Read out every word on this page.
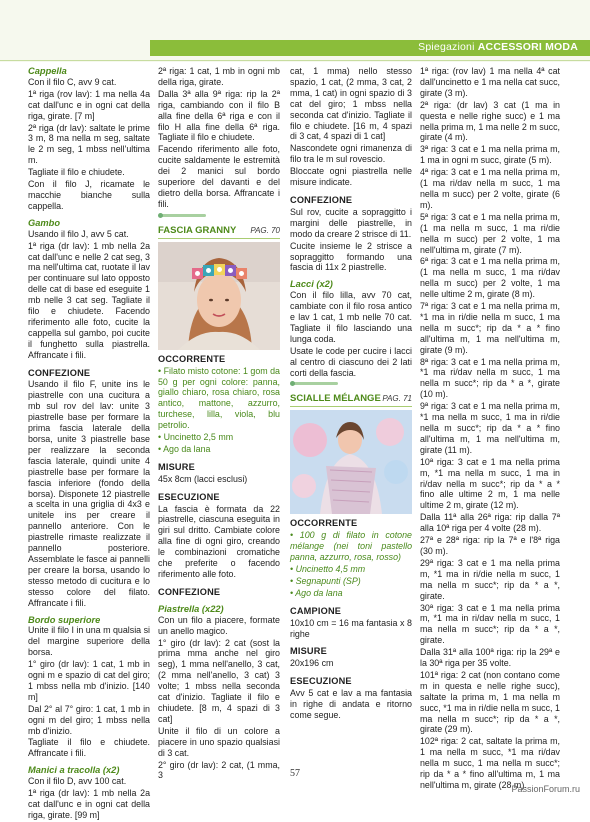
Spiegazioni ACCESSORI MODA
Cappella

Con il filo C, avv 9 cat.

1ª riga (rov lav): 1 ma nella 4a cat dall'unc e in ogni cat della riga, girate. [7 m]

2ª riga (dr lav): saltate le prime 3 m, 8 ma nella m seg, saltate le 2 m seg, 1 mbss nell'ultima m.

Tagliate il filo e chiudete.

Con il filo J, ricamate le macchie bianche sulla cappella.

Gambo

Usando il filo J, avv 5 cat.

1ª riga (dr lav): 1 mb nella 2a cat dall'unc e nelle 2 cat seg, 3 ma nell'ultima cat, ruotate il lav per continuare sul lato opposto delle cat di base ed eseguite 1 mb nelle 3 cat seg. Tagliate il filo e chiudete. Facendo riferimento alle foto, cucite la cappella sul gambo, poi cucite il funghetto sulla piastrella. Affrancate i fili.

CONFEZIONE

Usando il filo F, unite ins le piastrelle con una cucitura a mb sul rov del lav: unite 3 piastrelle base per formare la prima fascia laterale della borsa, unite 3 piastrelle base per realizzare la seconda fascia laterale, quindi unite 4 piastrelle base per formare la fascia inferiore (fondo della borsa). Disponete 12 piastrelle a scelta in una griglia di 4x3 e unitele ins per creare il pannello anteriore. Con le piastrelle rimaste realizzate il pannello posteriore. Assemblate le fasce ai pannelli per creare la borsa, usando lo stesso metodo di cucitura e lo stesso colore del filato. Affrancate i fili.

Bordo superiore

Unite il filo I in una m qualsia si del margine superiore della borsa.

1° giro (dr lav): 1 cat, 1 mb in ogni m e spazio di cat del giro; 1 mbss nella mb d'inizio. [140 m]

Dal 2° al 7° giro: 1 cat, 1 mb in ogni m del giro; 1 mbss nella mb d'inizio.

Tagliate il filo e chiudete. Affrancate i fili.

Manici a tracolla (x2)

Con il filo D, avv 100 cat.

1ª riga (dr lav): 1 mb nella 2a cat dall'unc e in ogni cat della riga, girate. [99 m]

2ª riga: 1 cat, 1 mb in ogni mb della riga, girate.

Dalla 3ª alla 9ª riga: rip la 2ª riga, cambiando con il filo B alla fine della 6ª riga e con il filo H alla fine della 6ª riga. Tagliate il filo e chiudete.

Facendo riferimento alle foto, cucite saldamente le estremità dei 2 manici sul bordo superiore del davanti e del dietro della borsa. Affrancate i fili.

FASCIA GRANNY PAG. 70
OCCORRENTE

• Filato misto cotone: 1 gom da 50 g per ogni colore: panna, giallo chiaro, rosa chiaro, rosa antico, mattone, azzurro, turchese, lilla, viola, blu petrolio.

• Uncinetto 2,5 mm

• Ago da lana

MISURE

45x 8cm (lacci esclusi)

ESECUZIONE

La fascia è formata da 22 piastrelle, ciascuna eseguita in giri sul dritto. Cambiate colore alla fine di ogni giro, creando le combinazioni cromatiche che preferite o facendo riferimento alle foto.

CONFEZIONE
Piastrella (x22)

Con un filo a piacere, formate un anello magico.

1° giro (dr lav): 2 cat (sost la prima mma anche nel giro seg), 1 mma nell'anello, 3 cat, (2 mma nell'anello, 3 cat) 3 volte; 1 mbss nella seconda cat d'inizio. Tagliate il filo e chiudete. [8 m, 4 spazi di 3 cat]

Unite il filo di un colore a piacere in uno spazio qualsiasi di 3 cat.

2° giro (dr lav): 2 cat, (1 mma, 3

cat, 1 mma) nello stesso spazio, 1 cat, (2 mma, 3 cat, 2 mma, 1 cat) in ogni spazio di 3 cat del giro; 1 mbss nella seconda cat d'inizio. Tagliate il filo e chiudete. [16 m, 4 spazi di 3 cat, 4 spazi di 1 cat]

Nascondete ogni rimanenza di filo tra le m sul rovescio.

Bloccate ogni piastrella nelle misure indicate.

CONFEZIONE

Sul rov, cucite a sopraggitto i margini delle piastrelle, in modo da creare 2 strisce di 11.

Cucite insieme le 2 strisce a sopraggitto formando una fascia di 11x 2 piastrelle.

Lacci (x2)

Con il filo lilla, avv 70 cat, cambiate con il filo rosa antico e lav 1 cat, 1 mb nelle 70 cat. Tagliate il filo lasciando una lunga coda.

Usate le code per cucire i lacci al centro di ciascuno dei 2 lati corti della fascia.

SCIALLE MÉLANGE PAG. 71
OCCORRENTE

• 100 g di filato in cotone mélange (nei toni pastello panna, azzurro, rosa, rosso)

• Uncinetto 4,5 mm

• Segnapunti (SP)

• Ago da lana

CAMPIONE

10x10 cm = 16 ma fantasia x 8 righe

MISURE

20x196 cm

ESECUZIONE

Avv 5 cat e lav a ma fantasia in righe di andata e ritorno come segue.

1ª riga: (rov lav) 1 ma nella 4ª cat dall'uncinetto e 1 ma nella cat succ, girate (3 m).

2ª riga: (dr lav) 3 cat (1 ma in questa e nelle righe succ) e 1 ma nella prima m, 1 ma nelle 2 m succ, girate (4 m).

3ª riga: 3 cat e 1 ma nella prima m, 1 ma in ogni m succ, girate (5 m).

4ª riga: 3 cat e 1 ma nella prima m, (1 ma ri/dav nella m succ, 1 ma nella m succ) per 2 volte, girate (6 m).

5ª riga: 3 cat e 1 ma nella prima m, (1 ma nella m succ, 1 ma ri/die nella m succ) per 2 volte, 1 ma nell'ultima m, girate (7 m).

6ª riga: 3 cat e 1 ma nella prima m, (1 ma nella m succ, 1 ma ri/dav nella m succ) per 2 volte, 1 ma nelle ultime 2 m, girate (8 m).

7ª riga: 3 cat e 1 ma nella prima m, *1 ma in ri/die nella m succ, 1 ma nella m succ*; rip da * a * fino all'ultima m, 1 ma nell'ultima m, girate (9 m).

8ª riga: 3 cat e 1 ma nella prima m, *1 ma ri/dav nella m succ, 1 ma nella m succ*; rip da * a *, girate (10 m).

9ª riga: 3 cat e 1 ma nella prima m, *1 ma nella m succ, 1 ma in ri/die nella m succ*; rip da * a * fino all'ultima m, 1 ma nell'ultima m, girate (11 m).

10ª riga: 3 cat e 1 ma nella prima m, *1 ma nella m succ, 1 ma in ri/dav nella m succ*; rip da * a * fino alle ultime 2 m, 1 ma nelle ultime 2 m, girate (12 m).

Dalla 11ª alla 26ª riga: rip dalla 7ª alla 10ª riga per 4 volte (28 m).

27ª e 28ª riga: rip la 7ª e l'8ª riga (30 m).

29ª riga: 3 cat e 1 ma nella prima m, *1 ma in ri/die nella m succ, 1 ma nella m succ*; rip da * a *, girate.

30ª riga: 3 cat e 1 ma nella prima m, *1 ma in ri/dav nella m succ, 1 ma nella m succ*; rip da * a *, girate.

Dalla 31ª alla 100ª riga: rip la 29ª e la 30ª riga per 35 volte.

101ª riga: 2 cat (non contano come m in questa e nelle righe succ), saltate la prima m, 1 ma nella m succ, *1 ma in ri/die nella m succ, 1 ma nella m succ*; rip da * a *, girate (29 m).

102ª riga: 2 cat, saltate la prima m, 1 ma nella m succ, *1 ma ri/dav nella m succ, 1 ma nella m succ*; rip da * a * fino all'ultima m, 1 ma nell'ultima m, girate (28 m).

57
PassionForum.ru
